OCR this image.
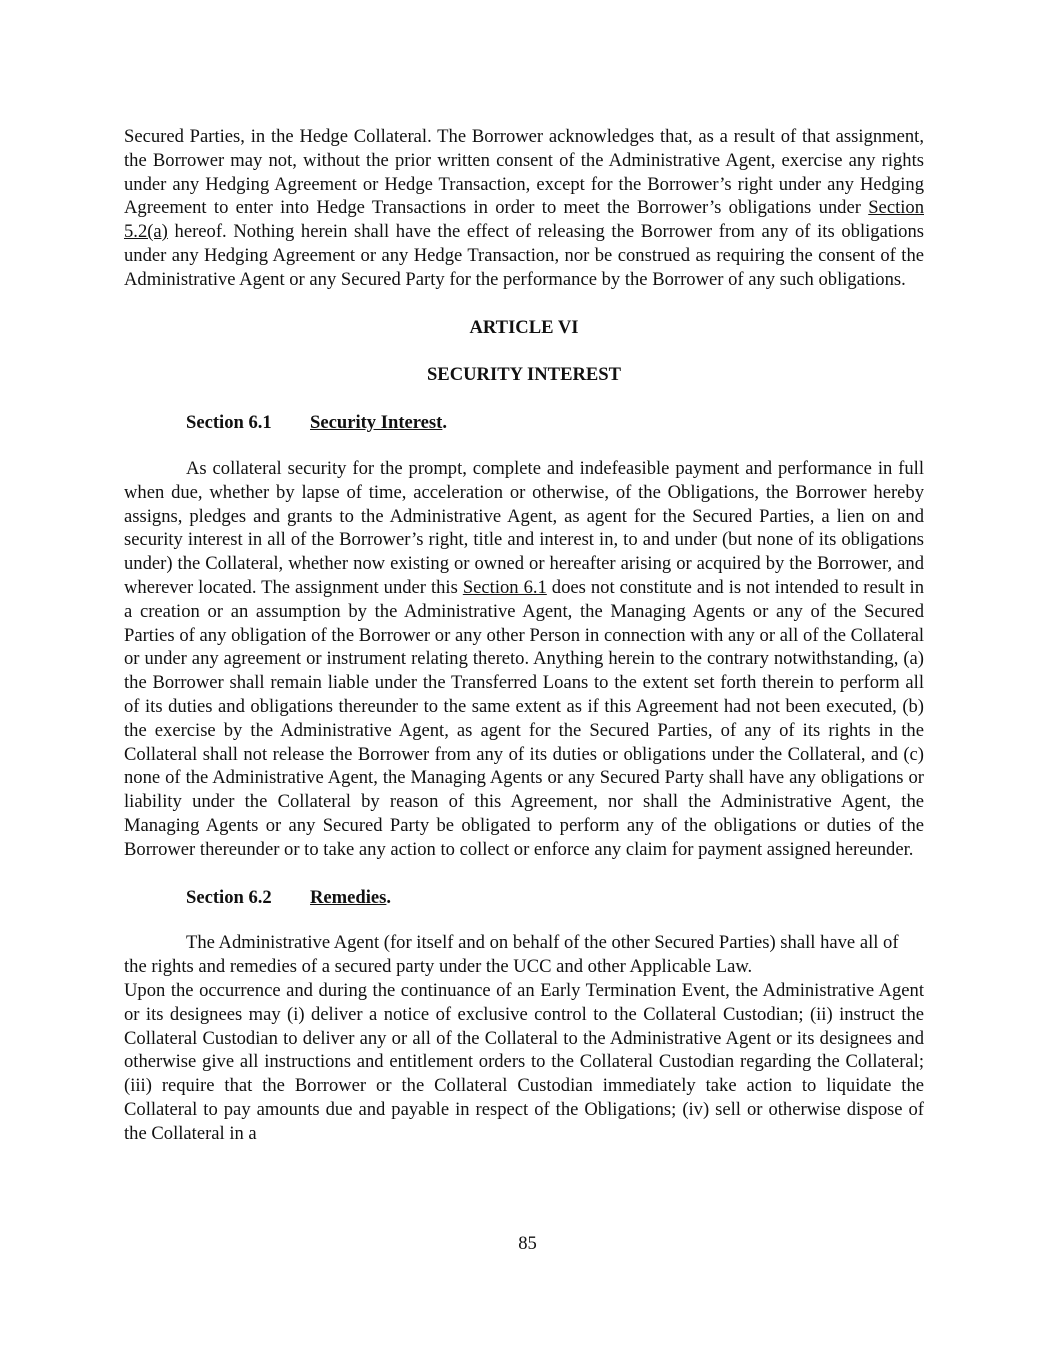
Secured Parties, in the Hedge Collateral. The Borrower acknowledges that, as a result of that assignment, the Borrower may not, without the prior written consent of the Administrative Agent, exercise any rights under any Hedging Agreement or Hedge Transaction, except for the Borrower’s right under any Hedging Agreement to enter into Hedge Transactions in order to meet the Borrower’s obligations under Section 5.2(a) hereof. Nothing herein shall have the effect of releasing the Borrower from any of its obligations under any Hedging Agreement or any Hedge Transaction, nor be construed as requiring the consent of the Administrative Agent or any Secured Party for the performance by the Borrower of any such obligations.

ARTICLE VI

SECURITY INTEREST

Section 6.1 Security Interest.

As collateral security for the prompt, complete and indefeasible payment and performance in full when due, whether by lapse of time, acceleration or otherwise, of the Obligations, the Borrower hereby assigns, pledges and grants to the Administrative Agent, as agent for the Secured Parties, a lien on and security interest in all of the Borrower’s right, title and interest in, to and under (but none of its obligations under) the Collateral, whether now existing or owned or hereafter arising or acquired by the Borrower, and wherever located. The assignment under this Section 6.1 does not constitute and is not intended to result in a creation or an assumption by the Administrative Agent, the Managing Agents or any of the Secured Parties of any obligation of the Borrower or any other Person in connection with any or all of the Collateral or under any agreement or instrument relating thereto. Anything herein to the contrary notwithstanding, (a) the Borrower shall remain liable under the Transferred Loans to the extent set forth therein to perform all of its duties and obligations thereunder to the same extent as if this Agreement had not been executed, (b) the exercise by the Administrative Agent, as agent for the Secured Parties, of any of its rights in the Collateral shall not release the Borrower from any of its duties or obligations under the Collateral, and (c) none of the Administrative Agent, the Managing Agents or any Secured Party shall have any obligations or liability under the Collateral by reason of this Agreement, nor shall the Administrative Agent, the Managing Agents or any Secured Party be obligated to perform any of the obligations or duties of the Borrower thereunder or to take any action to collect or enforce any claim for payment assigned hereunder.

Section 6.2 Remedies.

The Administrative Agent (for itself and on behalf of the other Secured Parties) shall have all of the rights and remedies of a secured party under the UCC and other Applicable Law.

Upon the occurrence and during the continuance of an Early Termination Event, the Administrative Agent or its designees may (i) deliver a notice of exclusive control to the Collateral Custodian; (ii) instruct the Collateral Custodian to deliver any or all of the Collateral to the Administrative Agent or its designees and otherwise give all instructions and entitlement orders to the Collateral Custodian regarding the Collateral; (iii) require that the Borrower or the Collateral Custodian immediately take action to liquidate the Collateral to pay amounts due and payable in respect of the Obligations; (iv) sell or otherwise dispose of the Collateral in a

85
